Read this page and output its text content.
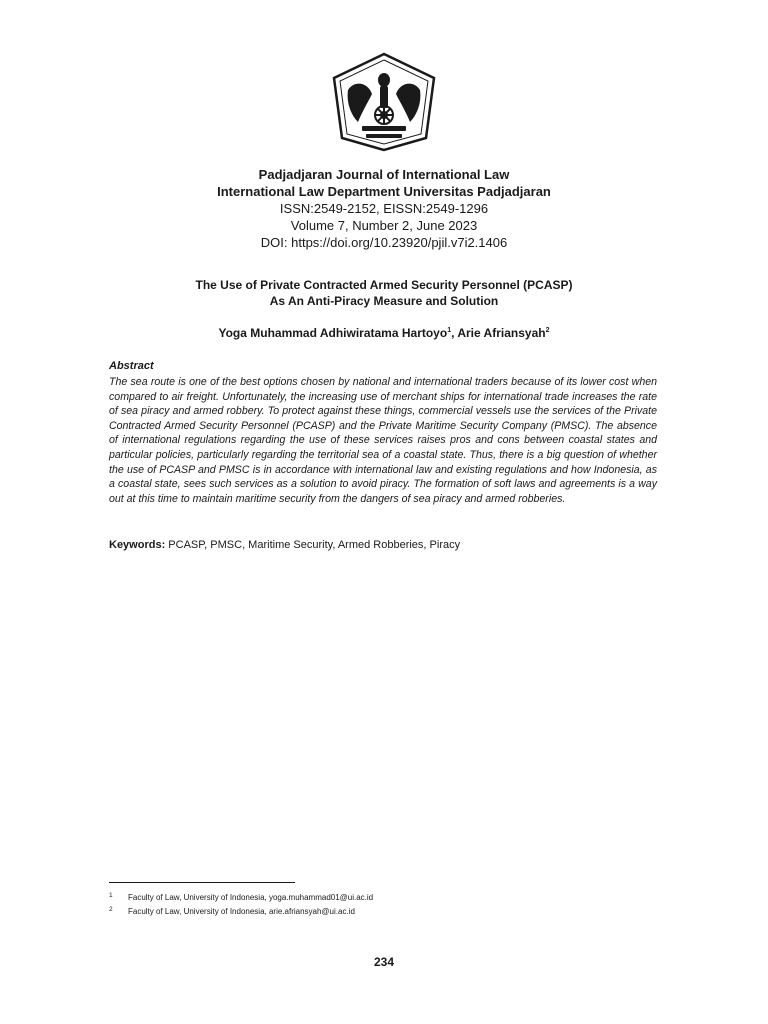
Padjadjaran Journal of International Law
International Law Department Universitas Padjadjaran
ISSN:2549-2152, EISSN:2549-1296
Volume 7, Number 2, June 2023
DOI: https://doi.org/10.23920/pjil.v7i2.1406
The Use of Private Contracted Armed Security Personnel (PCASP)
As An Anti-Piracy Measure and Solution
Yoga Muhammad Adhiwiratama Hartoyo$^1$, Arie Afriansyah$^2$
Abstract
The sea route is one of the best options chosen by national and international traders because of its lower cost when compared to air freight. Unfortunately, the increasing use of merchant ships for international trade increases the rate of sea piracy and armed robbery. To protect against these things, commercial vessels use the services of the Private Contracted Armed Security Personnel (PCASP) and the Private Maritime Security Company (PMSC). The absence of international regulations regarding the use of these services raises pros and cons between coastal states and particular policies, particularly regarding the territorial sea of a coastal state. Thus, there is a big question of whether the use of PCASP and PMSC is in accordance with international law and existing regulations and how Indonesia, as a coastal state, sees such services as a solution to avoid piracy. The formation of soft laws and agreements is a way out at this time to maintain maritime security from the dangers of sea piracy and armed robberies.
Keywords: PCASP, PMSC, Maritime Security, Armed Robberies, Piracy
1 Faculty of Law, University of Indonesia, yoga.muhammad01@ui.ac.id
2 Faculty of Law, University of Indonesia, arie.afriansyah@ui.ac.id
234
